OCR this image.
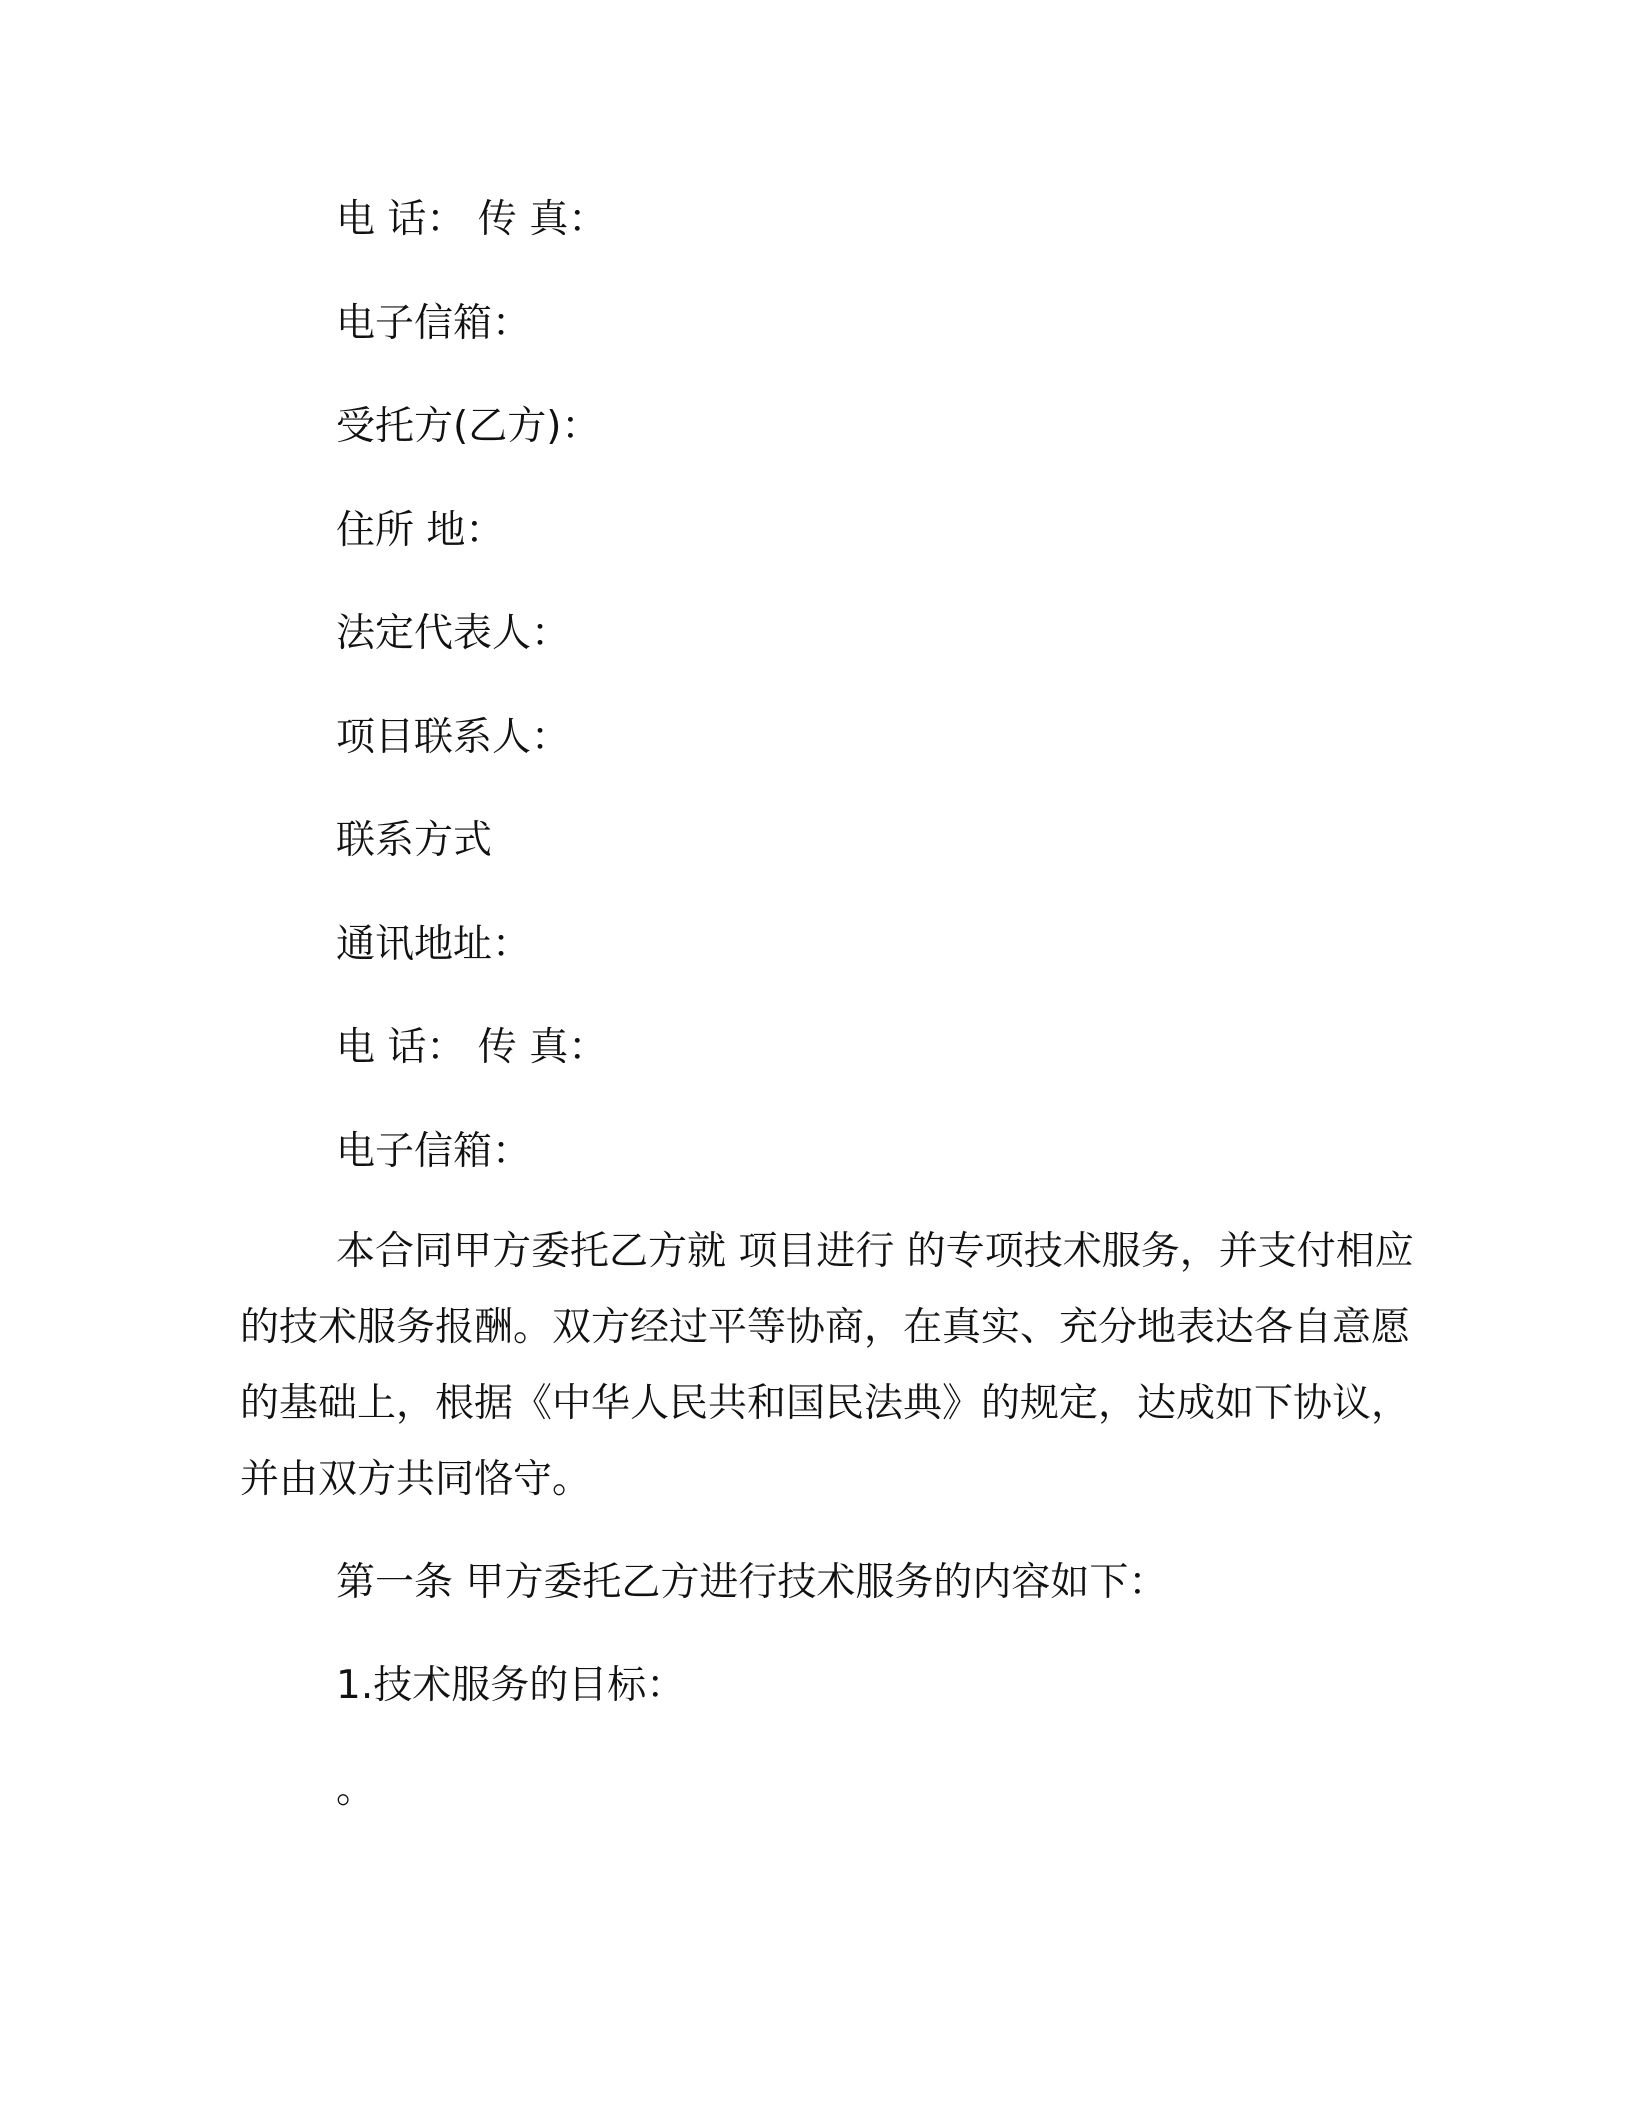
电 话： 传 真：
电子信箱：
受托方(乙方)：
住所 地：
法定代表人：
项目联系人：
联系方式
通讯地址：
电 话： 传 真：
电子信箱：
本合同甲方委托乙方就 项目进行 的专项技术服务，并支付相应
的技术服务报酬。双方经过平等协商，在真实、充分地表达各自意愿
的基础上，根据《中华人民共和国民法典》的规定，达成如下协议，
并由双方共同恪守。
第一条 甲方委托乙方进行技术服务的内容如下：
1.技术服务的目标：
。
